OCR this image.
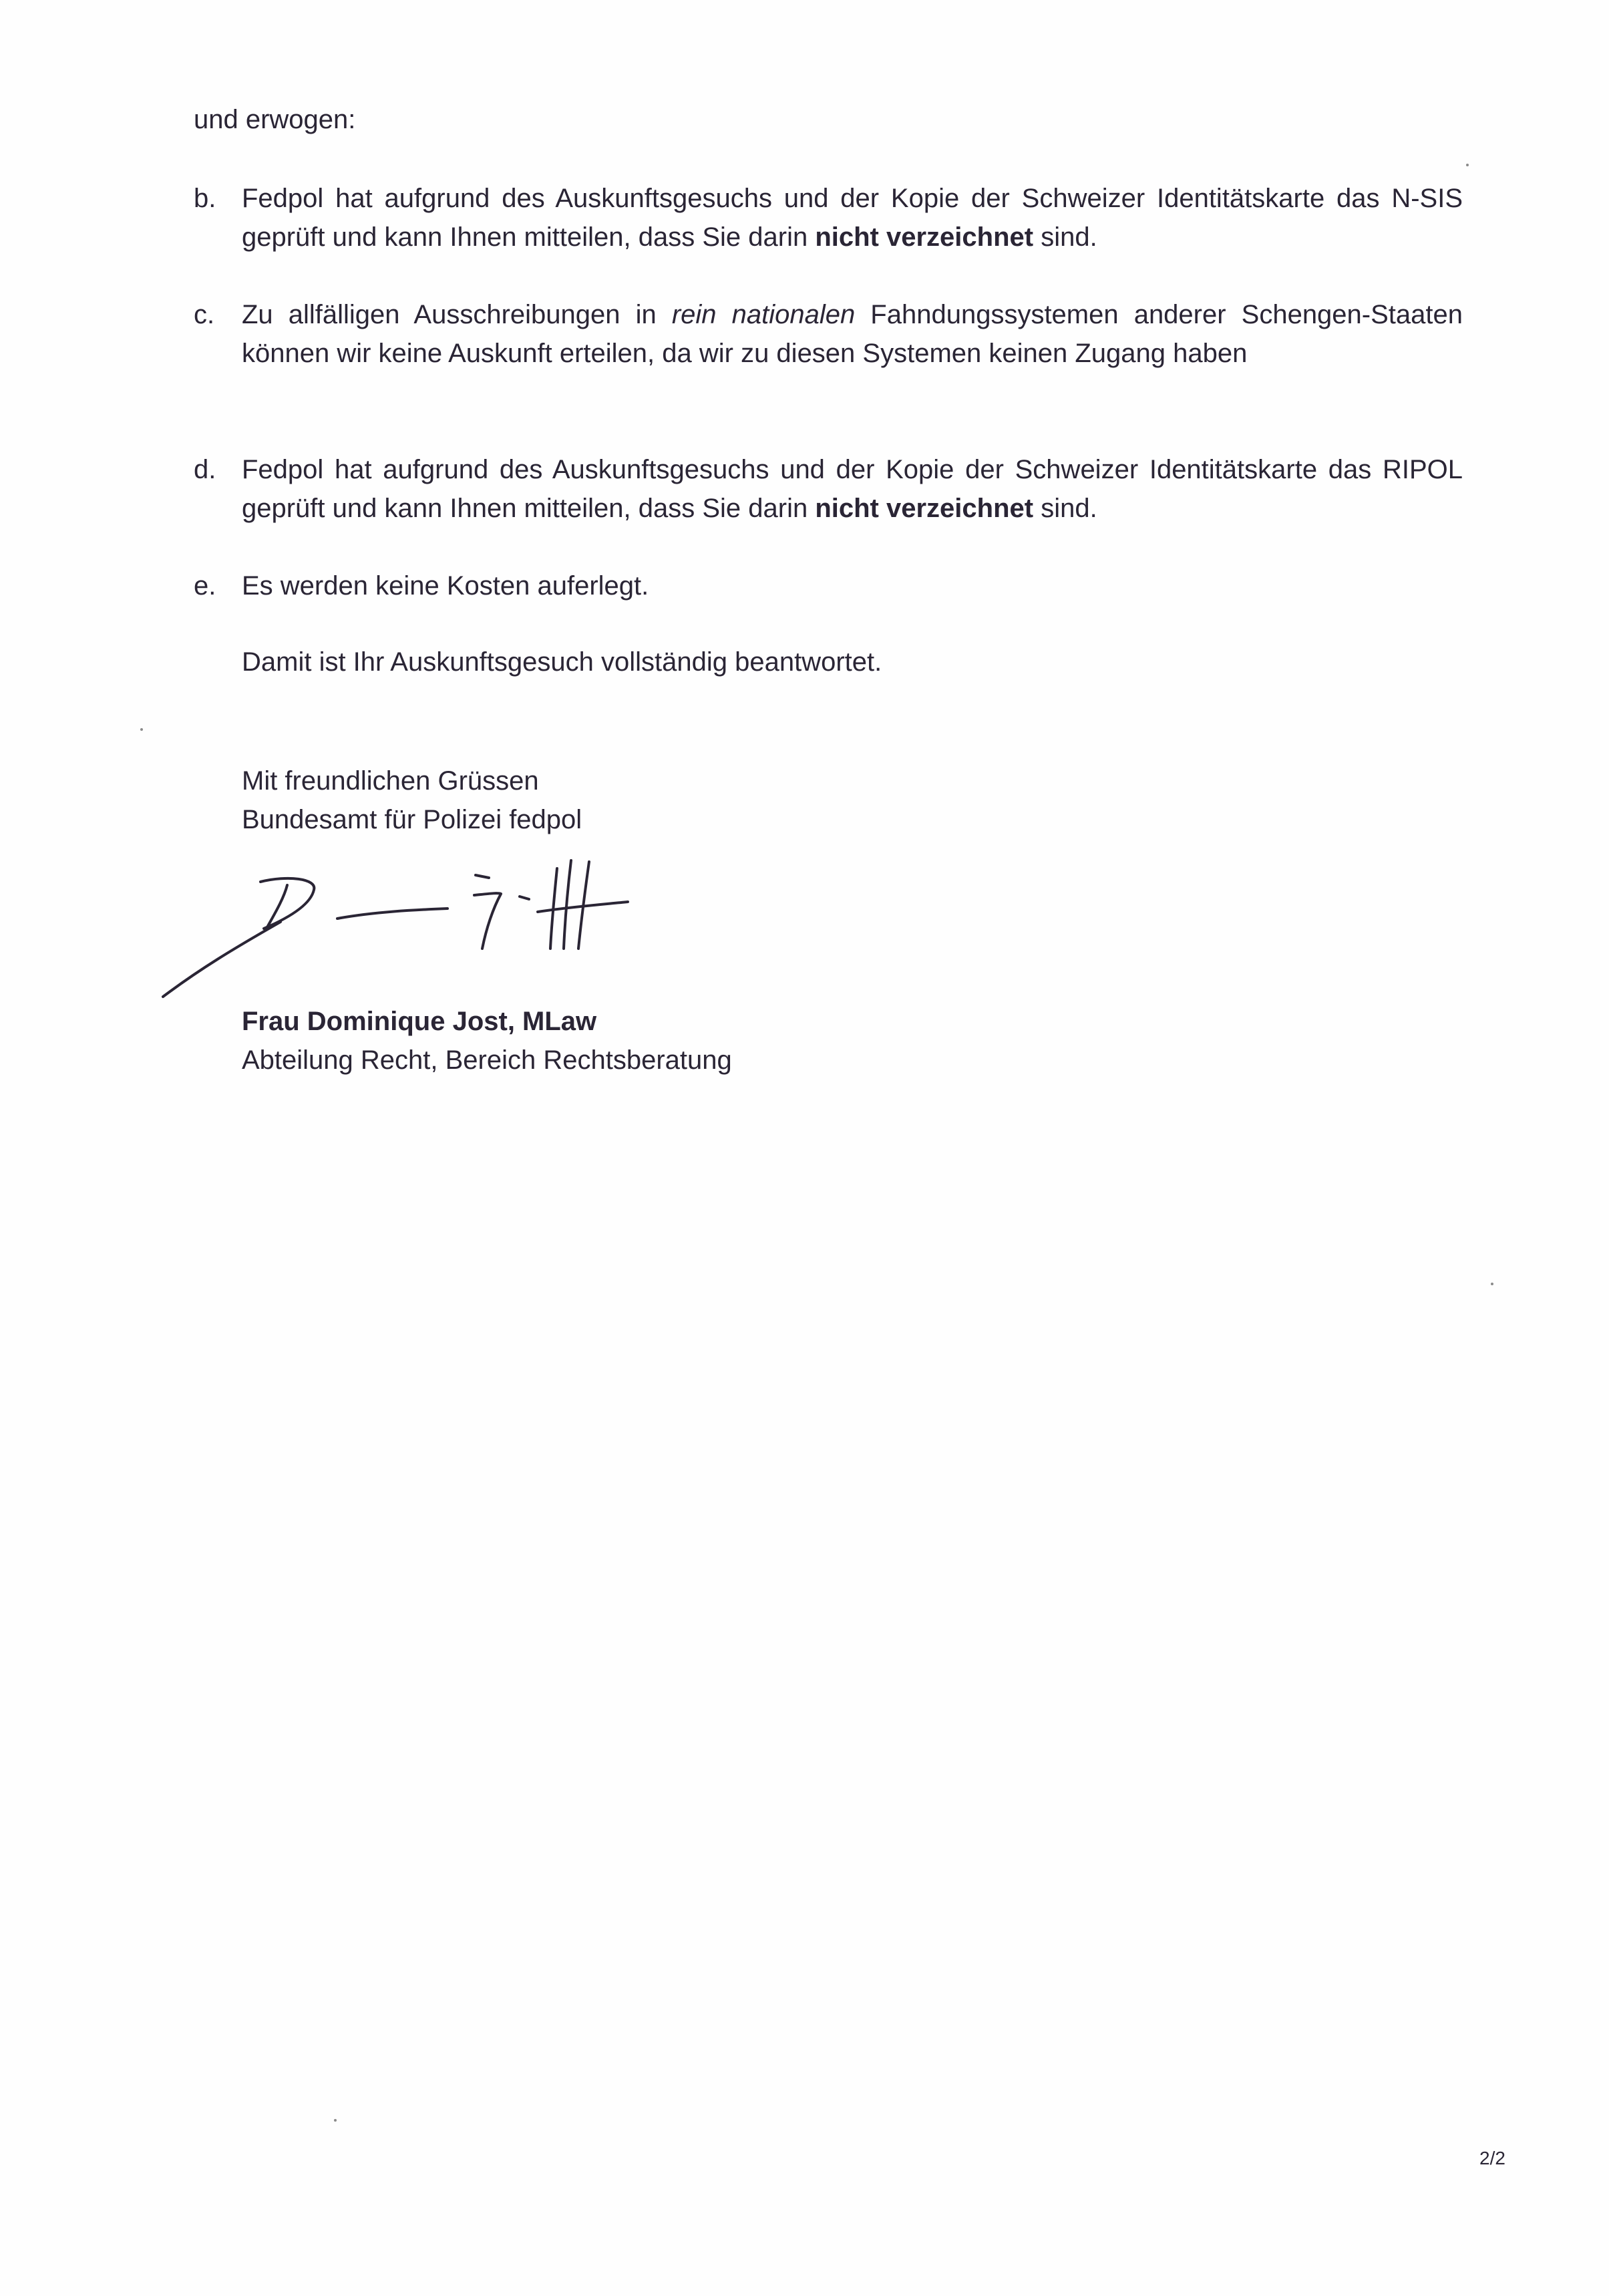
und erwogen:
b. Fedpol hat aufgrund des Auskunftsgesuchs und der Kopie der Schweizer Identitätskarte das N-SIS geprüft und kann Ihnen mitteilen, dass Sie darin nicht verzeichnet sind.
c.	Zu allfälligen Ausschreibungen in rein nationalen Fahndungssystemen anderer Schengen-Staaten können wir keine Auskunft erteilen, da wir zu diesen Systemen keinen Zugang haben
d. Fedpol hat aufgrund des Auskunftsgesuchs und der Kopie der Schweizer Identitätskarte das RIPOL geprüft und kann Ihnen mitteilen, dass Sie darin nicht verzeichnet sind.
e. Es werden keine Kosten auferlegt.
Damit ist Ihr Auskunftsgesuch vollständig beantwortet.
Mit freundlichen Grüssen
Bundesamt für Polizei fedpol
Frau Dominique Jost, MLaw
Abteilung Recht, Bereich Rechtsberatung
2/2
